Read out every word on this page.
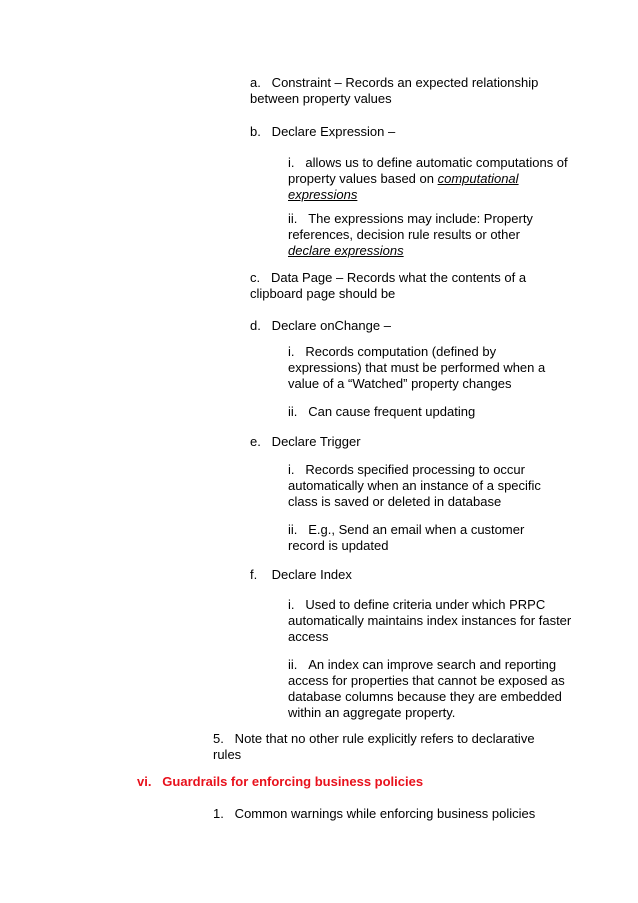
a.   Constraint – Records an expected relationship between property values

b.   Declare Expression –

i.   allows us to define automatic computations of property values based on computational expressions

ii.   The expressions may include: Property references, decision rule results or other declare expressions

c.   Data Page – Records what the contents of a clipboard page should be

d.   Declare onChange –

i.   Records computation (defined by expressions) that must be performed when a value of a “Watched” property changes

ii.   Can cause frequent updating

e.   Declare Trigger

i.   Records specified processing to occur automatically when an instance of a specific class is saved or deleted in database

ii.   E.g., Send an email when a customer record is updated

f.    Declare Index

i.   Used to define criteria under which PRPC automatically maintains index instances for faster access

ii.   An index can improve search and reporting access for properties that cannot be exposed as database columns because they are embedded within an aggregate property.

5.   Note that no other rule explicitly refers to declarative rules

vi.   Guardrails for enforcing business policies

1.   Common warnings while enforcing business policies
